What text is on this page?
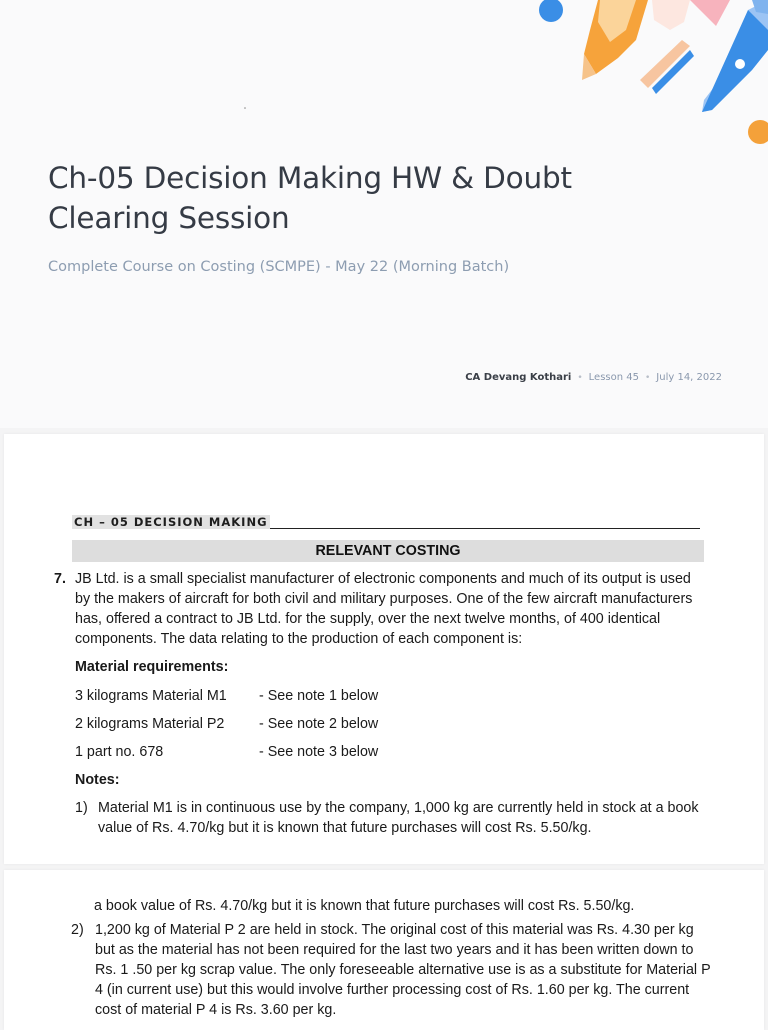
Ch-05 Decision Making HW & Doubt Clearing Session

Complete Course on Costing (SCMPE) - May 22 (Morning Batch)

CA Devang Kothari • Lesson 45 • July 14, 2022
CH – 05 DECISION MAKING
RELEVANT COSTING
7. JB Ltd. is a small specialist manufacturer of electronic components and much of its output is used by the makers of aircraft for both civil and military purposes. One of the few aircraft manufacturers has, offered a contract to JB Ltd. for the supply, over the next twelve months, of 400 identical components. The data relating to the production of each component is:

Material requirements:
3 kilograms Material M1 - See note 1 below
2 kilograms Material P2 - See note 2 below
1 part no. 678	- See note 3 below
Notes:
1) Material M1 is in continuous use by the company, 1,000 kg are currently held in stock at a book value of Rs. 4.70/kg but it is known that future purchases will cost Rs. 5.50/kg.

a book value of Rs. 4.70/kg but it is known that future purchases will cost Rs. 5.50/kg.

2) 1,200 kg of Material P 2 are held in stock. The original cost of this material was Rs. 4.30 per kg but as the material has not been required for the last two years and it has been written down to Rs. 1 .50 per kg scrap value. The only foreseeable alternative use is as a substitute for Material P 4 (in current use) but this would involve further processing cost of Rs. 1.60 per kg. The current cost of material P 4 is Rs. 3.60 per kg.
